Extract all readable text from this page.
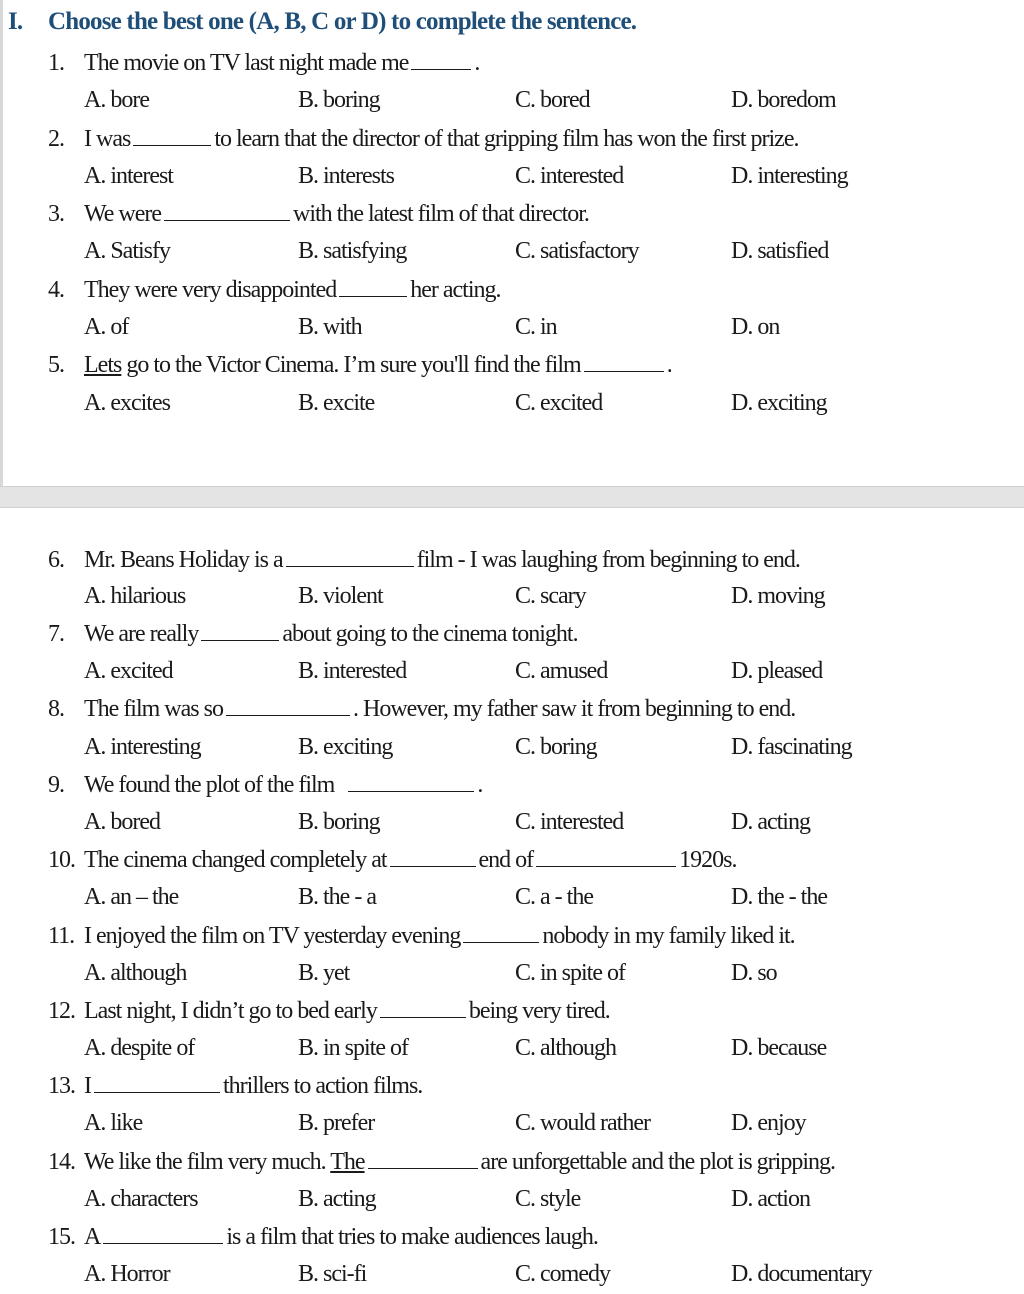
I. Choose the best one (A, B, C or D) to complete the sentence.
1. The movie on TV last night made me	.
A. bore	B. boring	C. bored	D. boredom
2. I was	to learn that the director of that gripping film has won the first prize.
A. interest	B. interests	C. interested	D. interesting
3. We were	with the latest film of that director.
A. Satisfy	B. satisfying	C. satisfactory	D. satisfied
4. They were very disappointed	her acting.
A. of	B. with	C. in	D. on
5. Lets go to the Victor Cinema. I’m sure you'll find the film	.
A. excites	B. excite	C. excited	D. exciting
6. Mr. Beans Holiday is a	film - I was laughing from beginning to end.
A. hilarious	B. violent	C. scary	D. moving
7. We are really	about going to the cinema tonight.
A. excited	B. interested	C. amused	D. pleased
8. The film was so	. However, my father saw it from beginning to end.
A. interesting	B. exciting	C. boring	D. fascinating
9. We found the plot of the film	.
A. bored	B. boring	C. interested	D. acting
10. The cinema changed completely at	end of	1920s.
A. an – the	B. the - a	C. a - the	D. the - the
11. I enjoyed the film on TV yesterday evening	nobody in my family liked it.
A. although	B. yet	C. in spite of	D. so
12. Last night, I didn’t go to bed early	being very tired.
A. despite of	B. in spite of	C. although	D. because
13. I	thrillers to action films.
A. like	B. prefer	C. would rather	D. enjoy
14. We like the film very much. The	are unforgettable and the plot is gripping.
A. characters	B. acting	C. style	D. action
15. A	is a film that tries to make audiences laugh.
A. Horror	B. sci-fi	C. comedy	D. documentary
